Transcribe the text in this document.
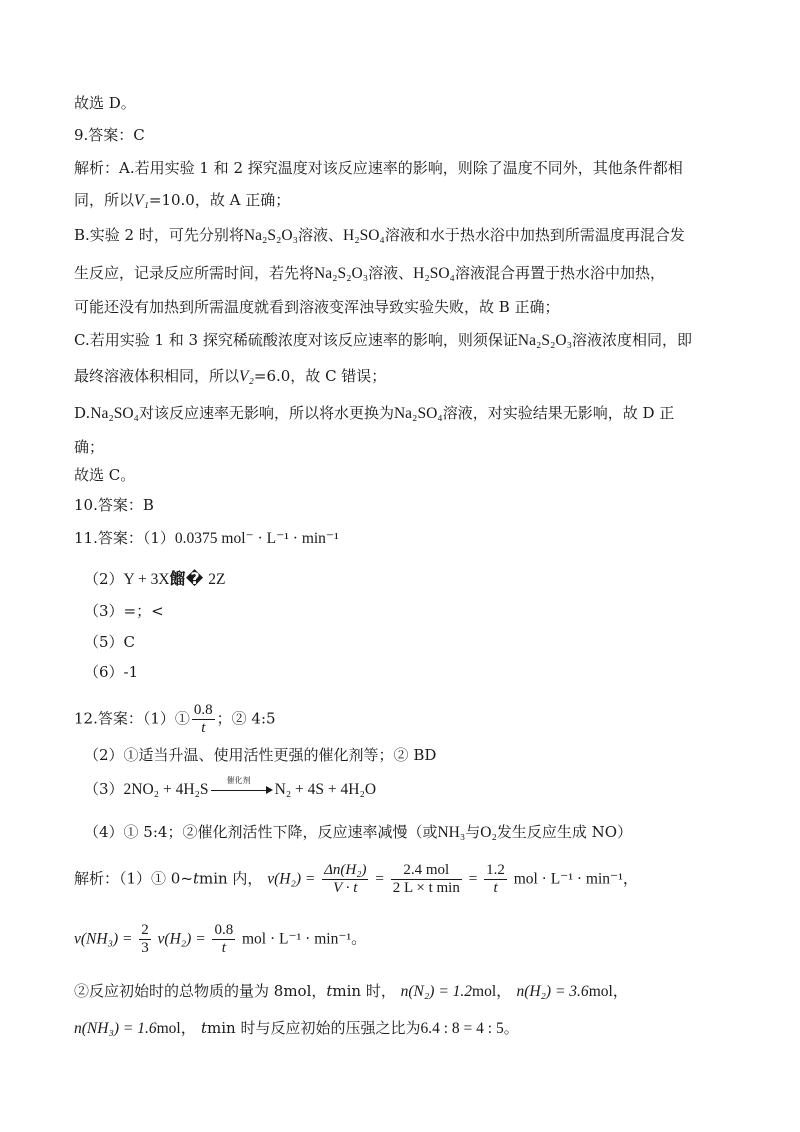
故选 D。
9.答案：C
解析：A.若用实验 1 和 2 探究温度对该反应速率的影响，则除了温度不同外，其他条件都相
同，所以V₁=10.0，故 A 正确；
B.实验 2 时，可先分别将Na₂S₂O₃溶液、H₂SO₄溶液和水于热水浴中加热到所需温度再混合发
生反应，记录反应所需时间，若先将Na₂S₂O₃溶液、H₂SO₄溶液混合再置于热水浴中加热，
可能还没有加热到所需温度就看到溶液变浑浊导致实验失败，故 B 正确；
C.若用实验 1 和 3 探究稀硫酸浓度对该反应速率的影响，则须保证Na₂S₂O₃溶液浓度相同，即
最终溶液体积相同，所以V₂=6.0，故 C 错误；
D.Na₂SO₄对该反应速率无影响，所以将水更换为Na₂SO₄溶液，对实验结果无影响，故 D 正
确；
故选 C。
10.答案：B
11.答案：（1）0.0375 mol⁻ · L⁻¹ · min⁻¹
（2）Y + 3X餾� 2Z
（3）=；<
（5）C
（6）-1
12.答案：（1）① $\frac{0.8}{t}$ ；② 4:5
（2）①适当升温、使用活性更强的催化剂等；② BD
（3）2NO₂ + 4H₂S
催化剂
N₂ + 4S + 4H₂O
（4）① 5:4；②催化剂活性下降，反应速率减慢（或NH₃与O₂发生反应生成 NO）
解析：（1）① 0~tmin 内， $v(H_2) = \frac{\text{Δn(H₂)}}{V \cdot t} = \frac{\text{2.4 mol}}{\text{2 L × t min}} = \frac{1.2}{t}$ mol · L⁻¹ · min⁻¹，
$v(NH_3) = \frac{2}{3} v(H_2) = \frac{0.8}{t}$ mol · L⁻¹ · min⁻¹。
②反应初始时的总物质的量为 8mol，tmin 时， n(N₂) = 1.2mol， n(H₂) = 3.6mol，
n(NH₃) = 1.6mol， tmin 时与反应初始的压强之比为6.4 : 8 = 4 : 5。
